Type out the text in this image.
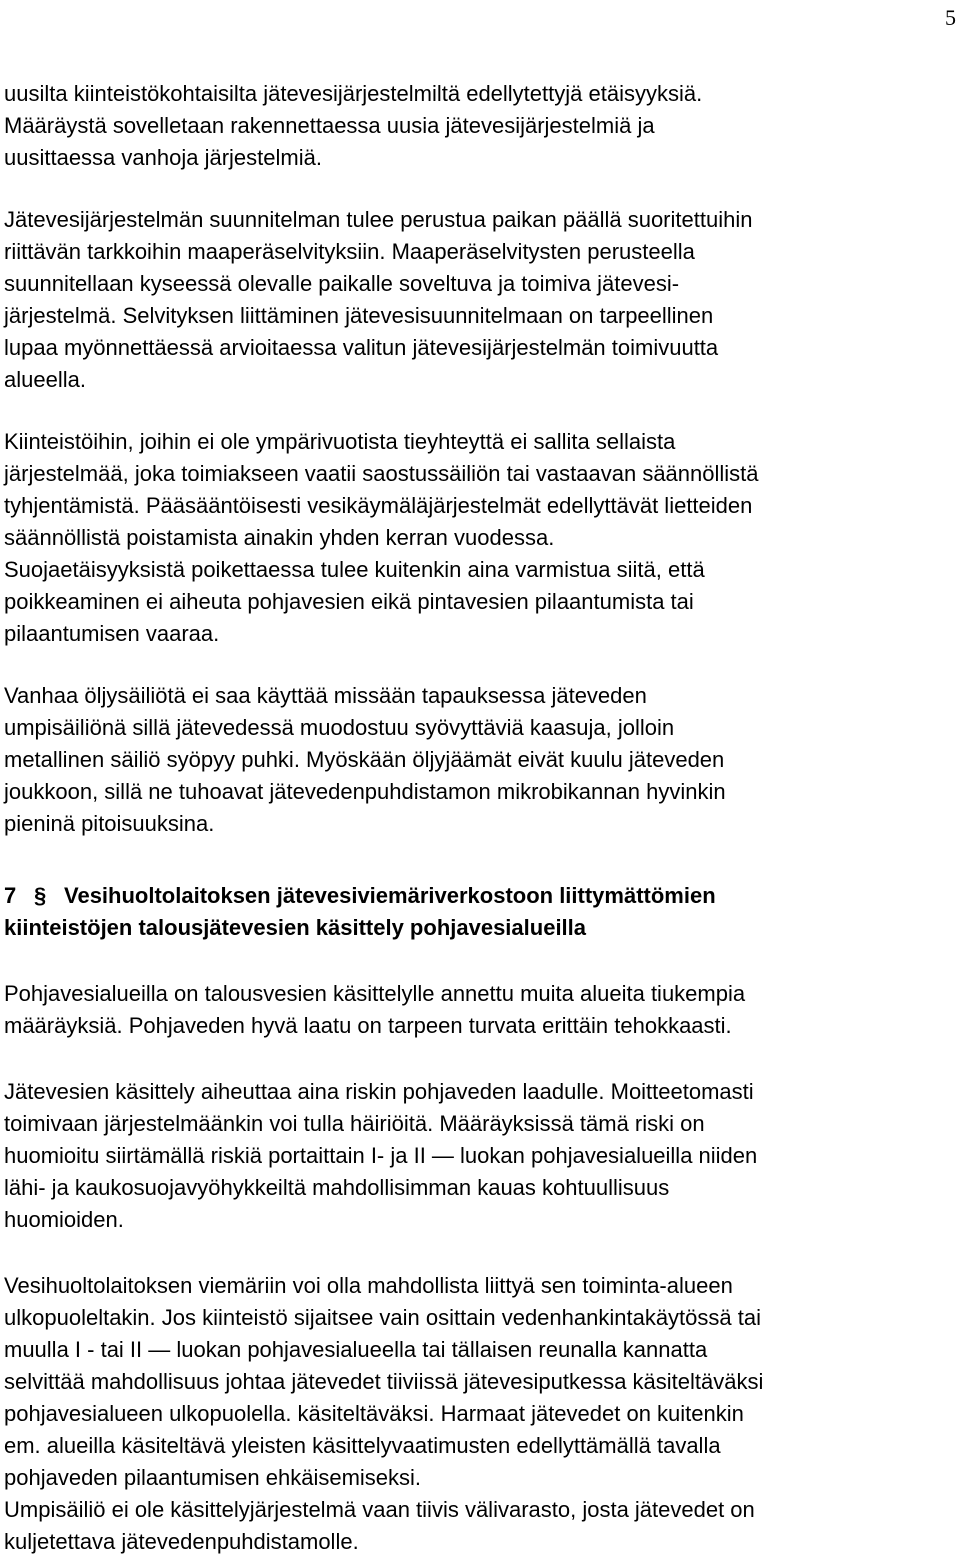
5
uusilta kiinteistökohtaisilta jätevesijärjestelmiltä edellytettyjä etäisyyksiä.
Määräystä sovelletaan rakennettaessa uusia jätevesijärjestelmiä ja
uusittaessa vanhoja järjestelmiä.
Jätevesijärjestelmän suunnitelman tulee perustua paikan päällä suoritettuihin
riittävän tarkkoihin maaperäselvityksiin. Maaperäselvitysten perusteella
suunnitellaan kyseessä olevalle paikalle soveltuva ja toimiva jätevesi-
järjestelmä. Selvityksen liittäminen jätevesisuunnitelmaan on tarpeellinen
lupaa myönnettäessä arvioitaessa valitun jätevesijärjestelmän toimivuutta
alueella.
Kiinteistöihin, joihin ei ole ympärivuotista tieyhteyttä ei sallita sellaista
järjestelmää, joka toimiakseen vaatii saostussäiliön tai vastaavan säännöllistä
tyhjentämistä. Pääsääntöisesti vesikäymäläjärjestelmät edellyttävät lietteiden
säännöllistä poistamista ainakin yhden kerran vuodessa.
Suojaetäisyyksistä poikettaessa tulee kuitenkin aina varmistua siitä, että
poikkeaminen ei aiheuta pohjavesien eikä pintavesien pilaantumista tai
pilaantumisen vaaraa.
Vanhaa öljysäiliötä ei saa käyttää missään tapauksessa jäteveden
umpisäiliönä sillä jätevedessä muodostuu syövyttäviä kaasuja, jolloin
metallinen säiliö syöpyy puhki. Myöskään öljyjäämät eivät kuulu jäteveden
joukkoon, sillä ne tuhoavat jätevedenpuhdistamon mikrobikannan hyvinkin
pieninä pitoisuuksina.
7 § Vesihuoltolaitoksen jätevesiviemäriverkostoon liittymättömien
kiinteistöjen talousjätevesien käsittely pohjavesialueilla
Pohjavesialueilla on talousvesien käsittelylle annettu muita alueita tiukempia
määräyksiä. Pohjaveden hyvä laatu on tarpeen turvata erittäin tehokkaasti.
Jätevesien käsittely aiheuttaa aina riskin pohjaveden laadulle. Moitteetomasti
toimivaan järjestelmäänkin voi tulla häiriöitä. Määräyksissä tämä riski on
huomioitu siirtämällä riskiä portaittain I- ja II — luokan pohjavesialueilla niiden
lähi- ja kaukosuojavyöhykkeiltä mahdollisimman kauas kohtuullisuus
huomioiden.
Vesihuoltolaitoksen viemäriin voi olla mahdollista liittyä sen toiminta-alueen
ulkopuoleltakin. Jos kiinteistö sijaitsee vain osittain vedenhankintakäytössä tai
muulla I - tai II — luokan pohjavesialueella tai tällaisen reunalla kannatta
selvittää mahdollisuus johtaa jätevedet tiiviissä jätevesiputkessa käsiteltäväksi
pohjavesialueen ulkopuolella. käsiteltäväksi. Harmaat jätevedet on kuitenkin
em. alueilla käsiteltävä yleisten käsittelyvaatimusten edellyttämällä tavalla
pohjaveden pilaantumisen ehkäisemiseksi.
Umpisäiliö ei ole käsittelyjärjestelmä vaan tiivis välivarasto, josta jätevedet on
kuljetettava jätevedenpuhdistamolle.
